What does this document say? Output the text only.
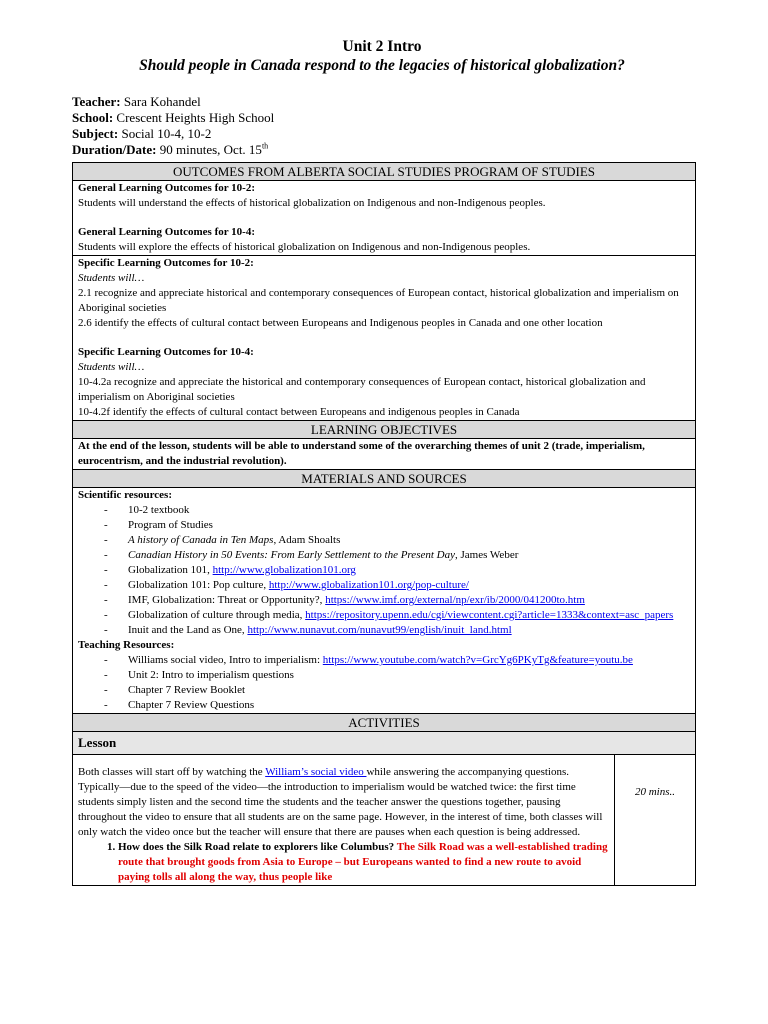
Unit 2 Intro
Should people in Canada respond to the legacies of historical globalization?
Teacher: Sara Kohandel
School: Crescent Heights High School
Subject: Social 10-4, 10-2
Duration/Date: 90 minutes, Oct. 15th
OUTCOMES FROM ALBERTA SOCIAL STUDIES PROGRAM OF STUDIES

General Learning Outcomes for 10-2:
Students will understand the effects of historical globalization on Indigenous and non-Indigenous peoples.
General Learning Outcomes for 10-4:
Students will explore the effects of historical globalization on Indigenous and non-Indigenous peoples.

Specific Learning Outcomes for 10-2:
Students will…
2.1 recognize and appreciate historical and contemporary consequences of European contact, historical globalization and imperialism on Aboriginal societies
2.6 identify the effects of cultural contact between Europeans and Indigenous peoples in Canada and one other location
Specific Learning Outcomes for 10-4:
Students will…
10-4.2a recognize and appreciate the historical and contemporary consequences of European contact, historical globalization and imperialism on Aboriginal societies
10-4.2f identify the effects of cultural contact between Europeans and indigenous peoples in Canada

LEARNING OBJECTIVES
At the end of the lesson, students will be able to understand some of the overarching themes of unit 2 (trade, imperialism, eurocentrism, and the industrial revolution).
MATERIALS AND SOURCES

Scientific resources:
- 10-2 textbook
- Program of Studies
- A history of Canada in Ten Maps, Adam Shoalts
- Canadian History in 50 Events: From Early Settlement to the Present Day, James Weber
- Globalization 101, http://www.globalization101.org
- Globalization 101: Pop culture, http://www.globalization101.org/pop-culture/
- IMF, Globalization: Threat or Opportunity?, https://www.imf.org/external/np/exr/ib/2000/041200to.htm
- Globalization of culture through media, https://repository.upenn.edu/cgi/viewcontent.cgi?article=1333&context=asc_papers
- Inuit and the Land as One, http://www.nunavut.com/nunavut99/english/inuit_land.html
Teaching Resources:
- Williams social video, Intro to imperialism: https://www.youtube.com/watch?v=GrcYg6PKyTg&feature=youtu.be
- Unit 2: Intro to imperialism questions
- Chapter 7 Review Booklet
- Chapter 7 Review Questions

ACTIVITIES
Lesson

Both classes will start off by watching the William’s social video while answering the accompanying questions. Typically—due to the speed of the video—the introduction to imperialism would be watched twice: the first time students simply listen and the second time the students and the teacher answer the questions together, pausing throughout the video to ensure that all students are on the same page. However, in the interest of time, both classes will only watch the video once but the teacher will ensure that there are pauses when each question is being addressed.
1. How does the Silk Road relate to explorers like Columbus? The Silk Road was a well-established trading route that brought goods from Asia to Europe – but Europeans wanted to find a new route to avoid paying tolls all along the way, thus people like
	20 mins..
